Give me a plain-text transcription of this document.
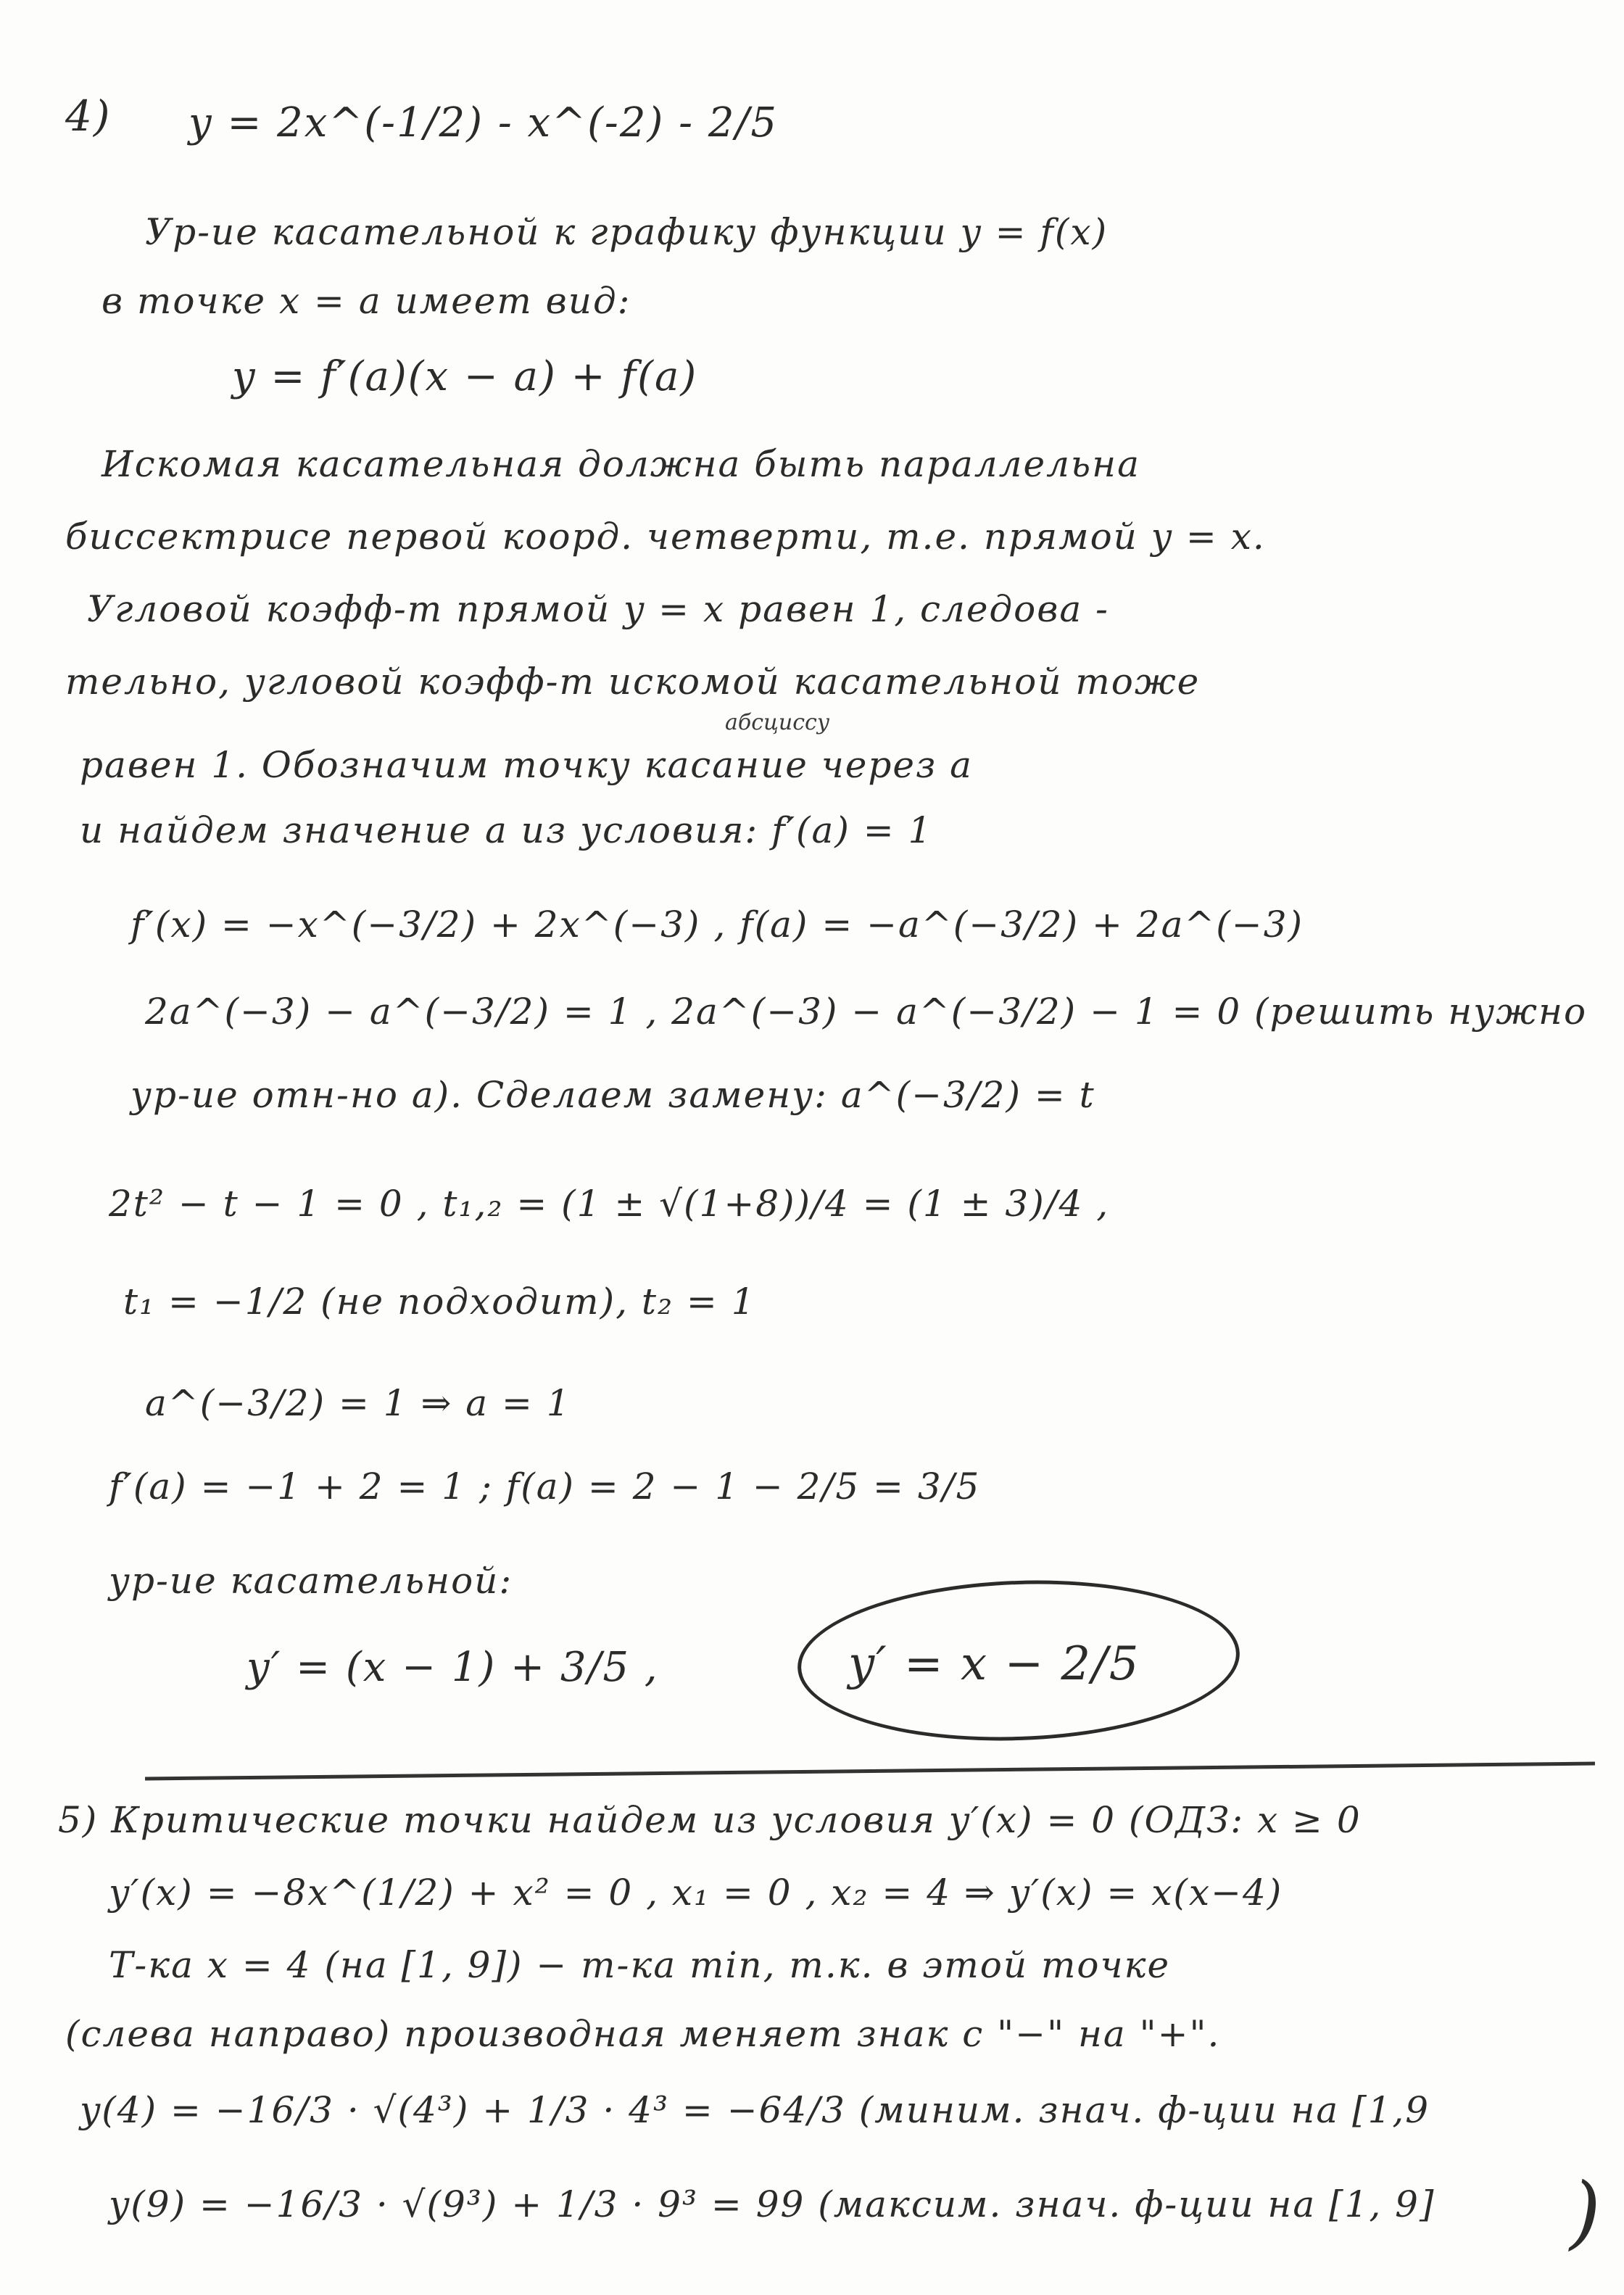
4) y = 2x^(-1/2) - x^(-2) - 2/5
Ур-ие касательной к графику функции y = f(x)
в точке x = a имеет вид:
y = f′(a)(x − a) + f(a)
Искомая касательная должна быть параллельна
биссектрисе первой коорд. четверти, т.е. прямой y = x.
Угловой коэфф-т прямой y = x равен 1, следова -
тельно, угловой коэфф-т искомой касательной тоже
абсциссу
равен 1. Обозначим точку касание через a
и найдем значение a из условия: f′(a) = 1
f′(x) = −x^(−3/2) + 2x^(−3) , f(a) = −a^(−3/2) + 2a^(−3)
2a^(−3) − a^(−3/2) = 1 , 2a^(−3) − a^(−3/2) − 1 = 0 (решить нужно
ур-ие отн-но a). Сделаем замену: a^(−3/2) = t
2t² − t − 1 = 0 , t₁,₂ = (1 ± √(1+8))/4 = (1 ± 3)/4 ,
t₁ = −1/2 (не подходит), t₂ = 1
a^(−3/2) = 1 ⇒ a = 1
f′(a) = −1 + 2 = 1 ; f(a) = 2 − 1 − 2/5 = 3/5
ур-ие касательной:
y′ = (x − 1) + 3/5 ,	y′ = x − 2/5
5) Критические точки найдем из условия y′(x) = 0 (ОДЗ: x ≥ 0
y′(x) = −8x^(1/2) + x² = 0 , x₁ = 0 , x₂ = 4 ⇒ y′(x) = x(x−4)
Т-ка x = 4 (на [1, 9]) − т-ка min, т.к. в этой точке
(слева направо) производная меняет знак с "−" на "+".
y(4) = −16/3 · √(4³) + 1/3 · 4³ = −64/3 (миним. знач. ф-ции на [1,9
y(9) = −16/3 · √(9³) + 1/3 · 9³ = 99 (максим. знач. ф-ции на [1, 9] )
